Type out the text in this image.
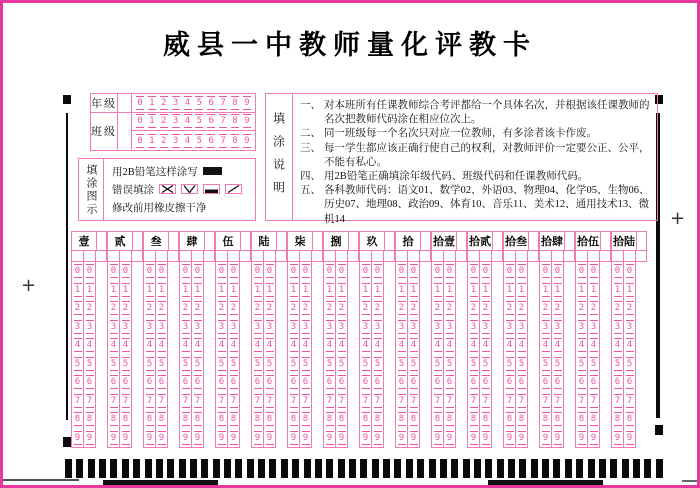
威县一中教师量化评教卡
+
+
年级 0 1 2 3 4 5 6 7 8 9
班级
0 1 2 3 4 5 6 7 8 9
0 1 2 3 4 5 6 7 8 9
填涂图示	用2B铅笔这样涂写
错误填涂
修改前用橡皮擦干净
填涂说明
一、 对本班所有任课教师综合考评都给一个具体名次，并根据该任课教师的名次把教师代码涂在相应位次上。
二、 同一班级每一个名次只对应一位教师，有多涂者该卡作废。
三、 每一学生都应该正确行使自己的权利，对教师评价一定要公正、公平，不能有私心。
四、 用2B铅笔正确填涂年级代码、班级代码和任课教师代码。
五、 各科教师代码：语文01、数学02、外语03、物理04、化学05、生物06、历史07、地理08、政治09、体育10、音乐11、美术12、通用技术13、微机14
壹
0
1
2
3
4
5
6
7
8
9
0
1
2
3
4
5
6
7
8
9
贰
0
1
2
3
4
5
6
7
8
9
0
1
2
3
4
5
6
7
8
9
叁
0
1
2
3
4
5
6
7
8
9
0
1
2
3
4
5
6
7
8
9
肆
0
1
2
3
4
5
6
7
8
9
0
1
2
3
4
5
6
7
8
9
伍
0
1
2
3
4
5
6
7
8
9
0
1
2
3
4
5
6
7
8
9
陆
0
1
2
3
4
5
6
7
8
9
0
1
2
3
4
5
6
7
8
9
柒
0
1
2
3
4
5
6
7
8
9
0
1
2
3
4
5
6
7
8
9
捌
0
1
2
3
4
5
6
7
8
9
0
1
2
3
4
5
6
7
8
9
玖
0
1
2
3
4
5
6
7
8
9
0
1
2
3
4
5
6
7
8
9
拾
0
1
2
3
4
5
6
7
8
9
0
1
2
3
4
5
6
7
8
9
拾壹
0
1
2
3
4
5
6
7
8
9
0
1
2
3
4
5
6
7
8
9
拾贰
0
1
2
3
4
5
6
7
8
9
0
1
2
3
4
5
6
7
8
9
拾叁
0
1
2
3
4
5
6
7
8
9
0
1
2
3
4
5
6
7
8
9
拾肆
0
1
2
3
4
5
6
7
8
9
0
1
2
3
4
5
6
7
8
9
拾伍
0
1
2
3
4
5
6
7
8
9
0
1
2
3
4
5
6
7
8
9
拾陆
0
1
2
3
4
5
6
7
8
9
0
1
2
3
4
5
6
7
8
9
